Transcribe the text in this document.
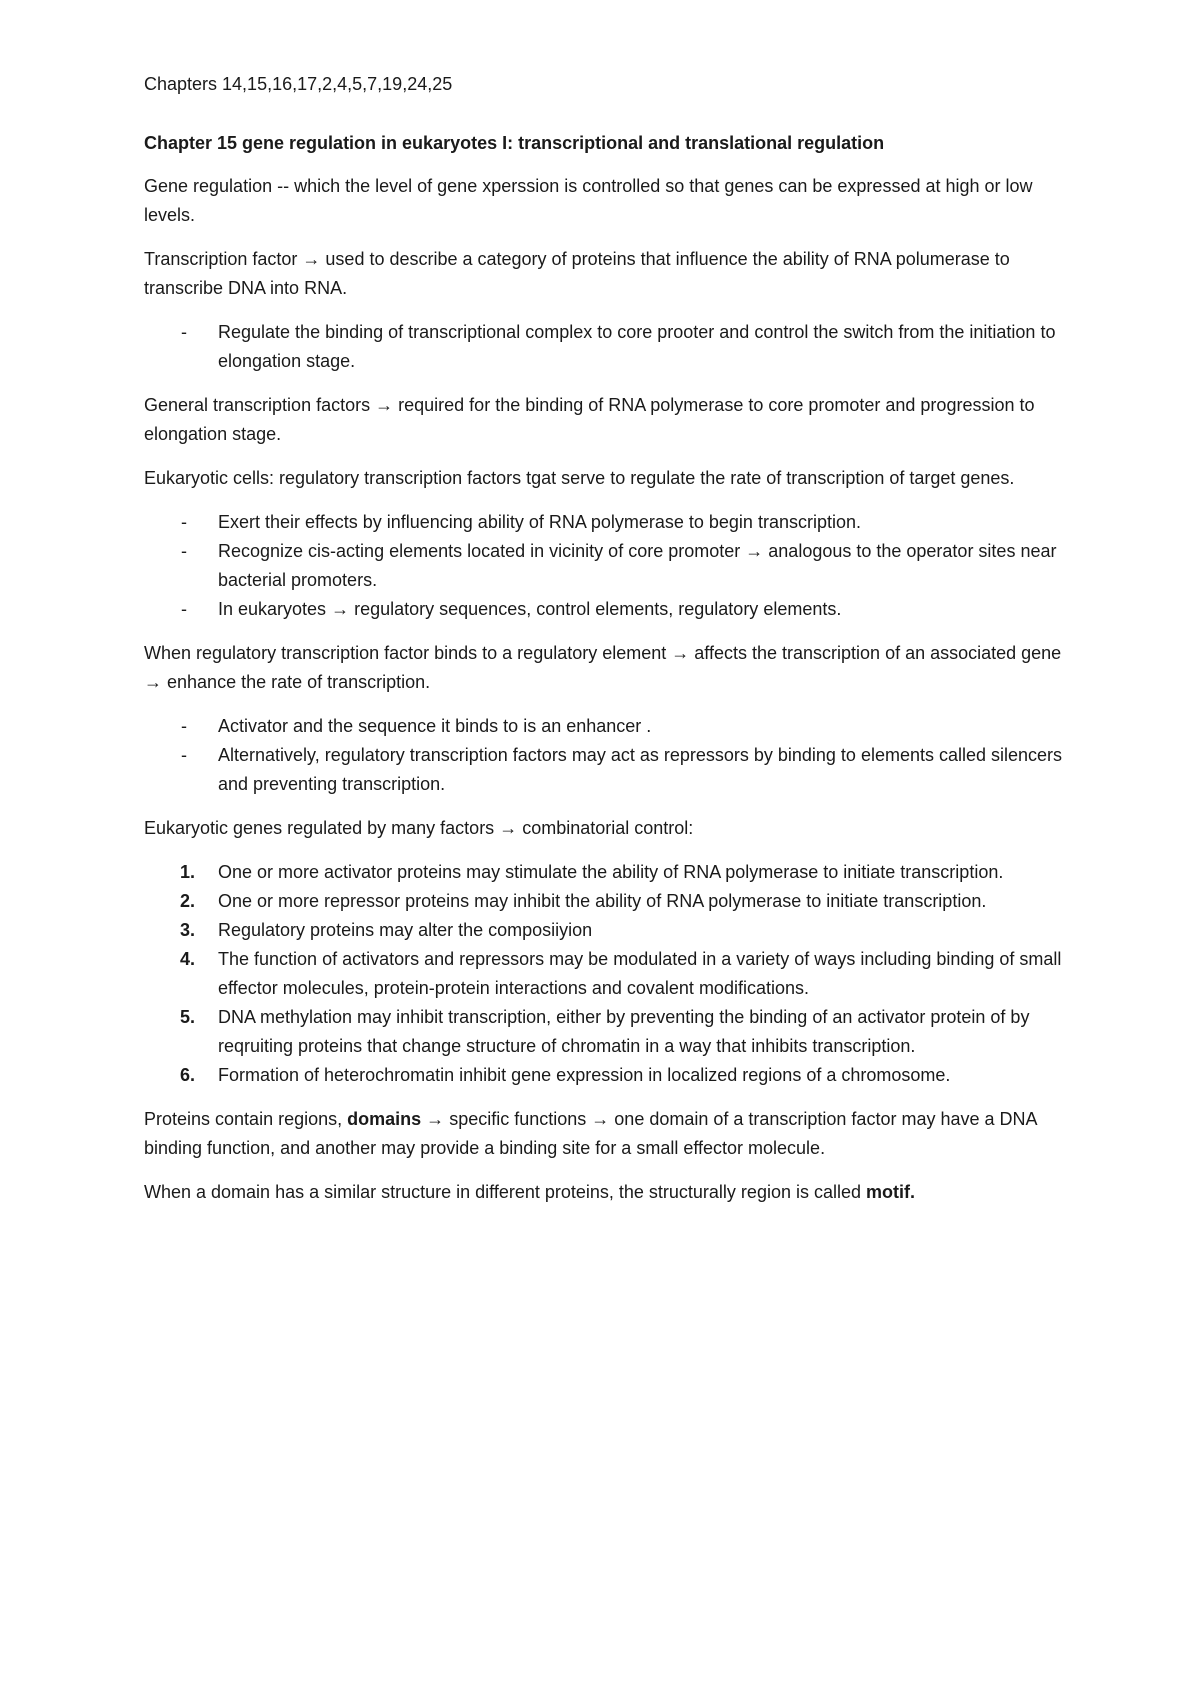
Chapters 14,15,16,17,2,4,5,7,19,24,25

Chapter 15 gene regulation in eukaryotes I: transcriptional and translational regulation

Gene regulation -- which the level of gene xperssion is controlled so that genes can be expressed at high or low levels.

Transcription factor → used to describe a category of proteins that influence the ability of RNA polumerase to transcribe DNA into RNA.

- Regulate the binding of transcriptional complex to core prooter and control the switch from the initiation to elongation stage.

General transcription factors → required for the binding of RNA polymerase to core promoter and progression to elongation stage.

Eukaryotic cells: regulatory transcription factors tgat serve to regulate the rate of transcription of target genes.

- Exert their effects by influencing ability of RNA polymerase to begin transcription.
- Recognize cis-acting elements located in vicinity of core promoter → analogous to the operator sites near bacterial promoters.
- In eukaryotes → regulatory sequences, control elements, regulatory elements.

When regulatory transcription factor binds to a regulatory element → affects the transcription of an associated gene → enhance the rate of transcription.

- Activator and the sequence it binds to is an enhancer .
- Alternatively, regulatory transcription factors may act as repressors by binding to elements called silencers and preventing transcription.

Eukaryotic genes regulated by many factors → combinatorial control:

1. One or more activator proteins may stimulate the ability of RNA polymerase to initiate transcription.
2. One or more repressor proteins may inhibit the ability of RNA polymerase to initiate transcription.
3. Regulatory proteins may alter the composiiyion
4. The function of activators and repressors may be modulated in a variety of ways including binding of small effector molecules, protein-protein interactions and covalent modifications.
5. DNA methylation may inhibit transcription, either by preventing the binding of an activator protein of by reqruiting proteins that change structure of chromatin in a way that inhibits transcription.
6. Formation of heterochromatin inhibit gene expression in localized regions of a chromosome.

Proteins contain regions, domains → specific functions → one domain of a transcription factor may have a DNA binding function, and another may provide a binding site for a small effector molecule.

When a domain has a similar structure in different proteins, the structurally region is called motif.
